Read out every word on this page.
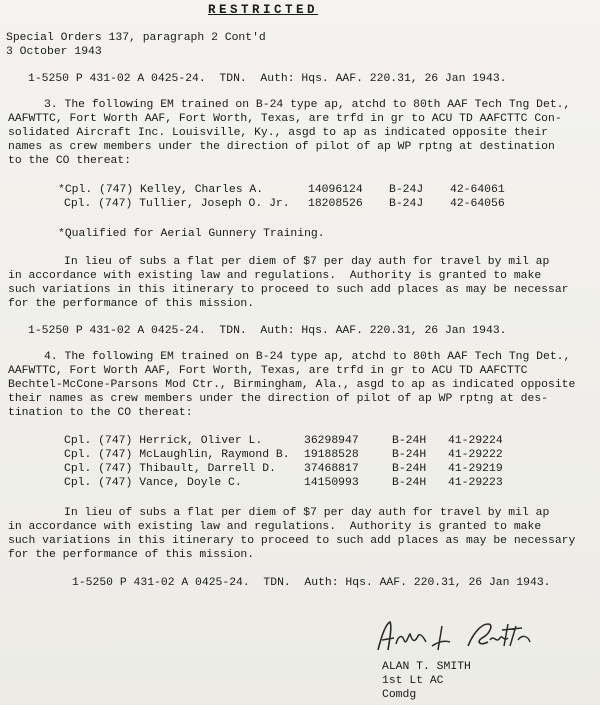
RESTRICTED
Special Orders 137, paragraph 2 Cont'd
3 October 1943
1-5250 P 431-02 A 0425-24.  TDN.  Auth: Hqs. AAF. 220.31, 26 Jan 1943.
3. The following EM trained on B-24 type ap, atchd to 80th AAF Tech Tng Det.,
AAFWTTC, Fort Worth AAF, Fort Worth, Texas, are trfd in gr to ACU TD AAFCTTC Con-
solidated Aircraft Inc. Louisville, Ky., asgd to ap as indicated opposite their
names as crew members under the direction of pilot of ap WP rptng at destination
to the CO thereat:
*Cpl. (747) Kelley, Charles A.	14096124 B-24J 42-64061
Cpl. (747) Tullier, Joseph O. Jr. 18208526 B-24J 42-64056
*Qualified for Aerial Gunnery Training.
In lieu of subs a flat per diem of $7 per day auth for travel by mil ap
in accordance with existing law and regulations.  Authority is granted to make
such variations in this itinerary to proceed to such add places as may be necessar
for the performance of this mission.
1-5250 P 431-02 A 0425-24.  TDN.  Auth: Hqs. AAF. 220.31, 26 Jan 1943.
4. The following EM trained on B-24 type ap, atchd to 80th AAF Tech Tng Det.,
AAFWTTC, Fort Worth AAF, Fort Worth, Texas, are trfd in gr to ACU TD AAFCTTC
Bechtel-McCone-Parsons Mod Ctr., Birmingham, Ala., asgd to ap as indicated opposite
their names as crew members under the direction of pilot of ap WP rptng at des-
tination to the CO thereat:
Cpl. (747) Herrick, Oliver L.	36298947	B-24H 41-29224
Cpl. (747) McLaughlin, Raymond B. 19188528	B-24H 41-29222
Cpl. (747) Thibault, Darrell D. 37468817	B-24H 41-29219
Cpl. (747) Vance, Doyle C.	14150993	B-24H 41-29223
In lieu of subs a flat per diem of $7 per day auth for travel by mil ap
in accordance with existing law and regulations.  Authority is granted to make
such variations in this itinerary to proceed to such add places as may be necessary
for the performance of this mission.
1-5250 P 431-02 A 0425-24.  TDN.  Auth: Hqs. AAF. 220.31, 26 Jan 1943.
ALAN T. SMITH
1st Lt AC
Comdg
